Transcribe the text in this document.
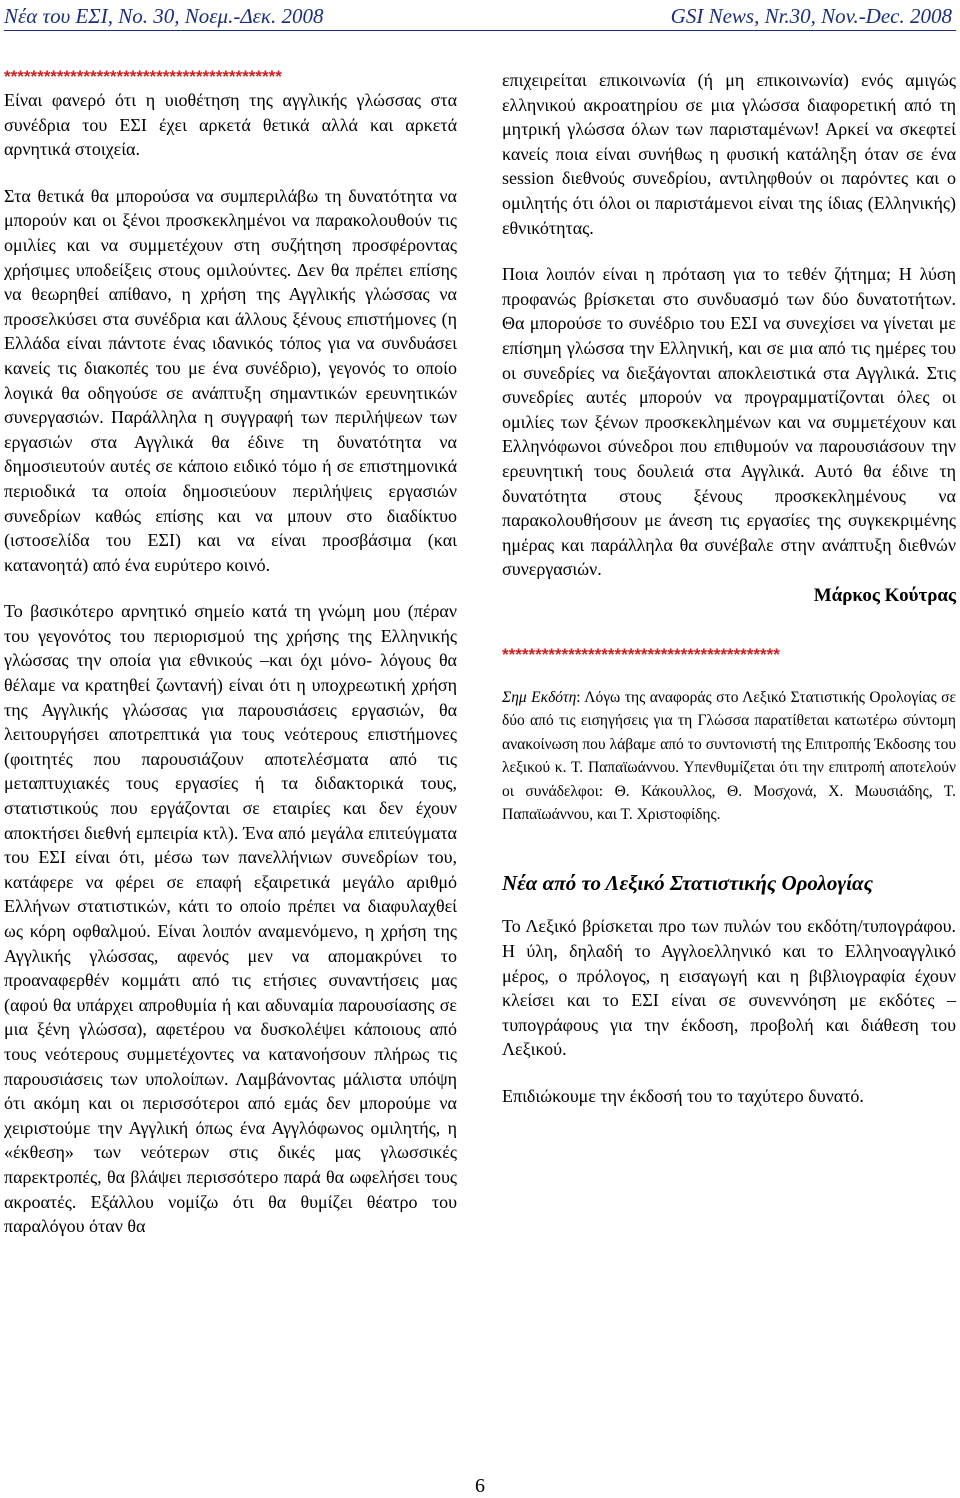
Νέα του ΕΣΙ, Νο. 30, Νοεμ.-Δεκ. 2008	GSI News, Nr.30, Nov.-Dec. 2008
******************************************

Είναι φανερό ότι η υιοθέτηση της αγγλικής γλώσσας στα συνέδρια του ΕΣΙ έχει αρκετά θετικά αλλά και αρκετά αρνητικά στοιχεία.

Στα θετικά θα μπορούσα να συμπεριλάβω τη δυνατότητα να μπορούν και οι ξένοι προσκεκλημένοι να παρακολουθούν τις ομιλίες και να συμμετέχουν στη συζήτηση προσφέροντας χρήσιμες υποδείξεις στους ομιλούντες. Δεν θα πρέπει επίσης να θεωρηθεί απίθανο, η χρήση της Αγγλικής γλώσσας να προσελκύσει στα συνέδρια και άλλους ξένους επιστήμονες (η Ελλάδα είναι πάντοτε ένας ιδανικός τόπος για να συνδυάσει κανείς τις διακοπές του με ένα συνέδριο), γεγονός το οποίο λογικά θα οδηγούσε σε ανάπτυξη σημαντικών ερευνητικών συνεργασιών. Παράλληλα η συγγραφή των περιλήψεων των εργασιών στα Αγγλικά θα έδινε τη δυνατότητα να δημοσιευτούν αυτές σε κάποιο ειδικό τόμο ή σε επιστημονικά περιοδικά τα οποία δημοσιεύουν περιλήψεις εργασιών συνεδρίων καθώς επίσης και να μπουν στο διαδίκτυο (ιστοσελίδα του ΕΣΙ) και να είναι προσβάσιμα (και κατανοητά) από ένα ευρύτερο κοινό.

Το βασικότερο αρνητικό σημείο κατά τη γνώμη μου (πέραν του γεγονότος του περιορισμού της χρήσης της Ελληνικής γλώσσας την οποία για εθνικούς –και όχι μόνο- λόγους θα θέλαμε να κρατηθεί ζωντανή) είναι ότι η υποχρεωτική χρήση της Αγγλικής γλώσσας για παρουσιάσεις εργασιών, θα λειτουργήσει αποτρεπτικά για τους νεότερους επιστήμονες (φοιτητές που παρουσιάζουν αποτελέσματα από τις μεταπτυχιακές τους εργασίες ή τα διδακτορικά τους, στατιστικούς που εργάζονται σε εταιρίες και δεν έχουν αποκτήσει διεθνή εμπειρία κτλ). Ένα από μεγάλα επιτεύγματα του ΕΣΙ είναι ότι, μέσω των πανελλήνιων συνεδρίων του, κατάφερε να φέρει σε επαφή εξαιρετικά μεγάλο αριθμό Ελλήνων στατιστικών, κάτι το οποίο πρέπει να διαφυλαχθεί ως κόρη οφθαλμού. Είναι λοιπόν αναμενόμενο, η χρήση της Αγγλικής γλώσσας, αφενός μεν να απομακρύνει το προαναφερθέν κομμάτι από τις ετήσιες συναντήσεις μας (αφού θα υπάρχει απροθυμία ή και αδυναμία παρουσίασης σε μια ξένη γλώσσα), αφετέρου να δυσκολέψει κάποιους από τους νεότερους συμμετέχοντες να κατανοήσουν πλήρως τις παρουσιάσεις των υπολοίπων. Λαμβάνοντας μάλιστα υπόψη ότι ακόμη και οι περισσότεροι από εμάς δεν μπορούμε να χειριστούμε την Αγγλική όπως ένα Αγγλόφωνος ομιλητής, η «έκθεση» των νεότερων στις δικές μας γλωσσικές παρεκτροπές, θα βλάψει περισσότερο παρά θα ωφελήσει τους ακροατές. Εξάλλου νομίζω ότι θα θυμίζει θέατρο του παραλόγου όταν θα

επιχειρείται επικοινωνία (ή μη επικοινωνία) ενός αμιγώς ελληνικού ακροατηρίου σε μια γλώσσα διαφορετική από τη μητρική γλώσσα όλων των παρισταμένων! Αρκεί να σκεφτεί κανείς ποια είναι συνήθως η φυσική κατάληξη όταν σε ένα session διεθνούς συνεδρίου, αντιληφθούν οι παρόντες και ο ομιλητής ότι όλοι οι παριστάμενοι είναι της ίδιας (Ελληνικής) εθνικότητας.

Ποια λοιπόν είναι η πρόταση για το τεθέν ζήτημα; Η λύση προφανώς βρίσκεται στο συνδυασμό των δύο δυνατοτήτων. Θα μπορούσε το συνέδριο του ΕΣΙ να συνεχίσει να γίνεται με επίσημη γλώσσα την Ελληνική, και σε μια από τις ημέρες του οι συνεδρίες να διεξάγονται αποκλειστικά στα Αγγλικά. Στις συνεδρίες αυτές μπορούν να προγραμματίζονται όλες οι ομιλίες των ξένων προσκεκλημένων και να συμμετέχουν και Ελληνόφωνοι σύνεδροι που επιθυμούν να παρουσιάσουν την ερευνητική τους δουλειά στα Αγγλικά. Αυτό θα έδινε τη δυνατότητα στους ξένους προσκεκλημένους να παρακολουθήσουν με άνεση τις εργασίες της συγκεκριμένης ημέρας και παράλληλα θα συνέβαλε στην ανάπτυξη διεθνών συνεργασιών.

Μάρκος Κούτρας

******************************************

Σημ Εκδότη: Λόγω της αναφοράς στο Λεξικό Στατιστικής Ορολογίας σε δύο από τις εισηγήσεις για τη Γλώσσα παρατίθεται κατωτέρω σύντομη ανακοίνωση που λάβαμε από το συντονιστή της Επιτροπής Έκδοσης του λεξικού κ. Τ. Παπαϊωάννου. Υπενθυμίζεται ότι την επιτροπή αποτελούν οι συνάδελφοι: Θ. Κάκουλλος, Θ. Μοσχονά, Χ. Μωυσιάδης, Τ. Παπαϊωάννου, και Τ. Χριστοφίδης.

Νέα από το Λεξικό Στατιστικής Ορολογίας

Το Λεξικό βρίσκεται προ των πυλών του εκδότη/τυπογράφου. Η ύλη, δηλαδή το Αγγλοελληνικό και το Ελληνοαγγλικό μέρος, ο πρόλογος, η εισαγωγή και η βιβλιογραφία έχουν κλείσει και το ΕΣΙ είναι σε συνεννόηση με εκδότες – τυπογράφους για την έκδοση, προβολή και διάθεση του Λεξικού.

Επιδιώκουμε την έκδοσή του το ταχύτερο δυνατό.

6
